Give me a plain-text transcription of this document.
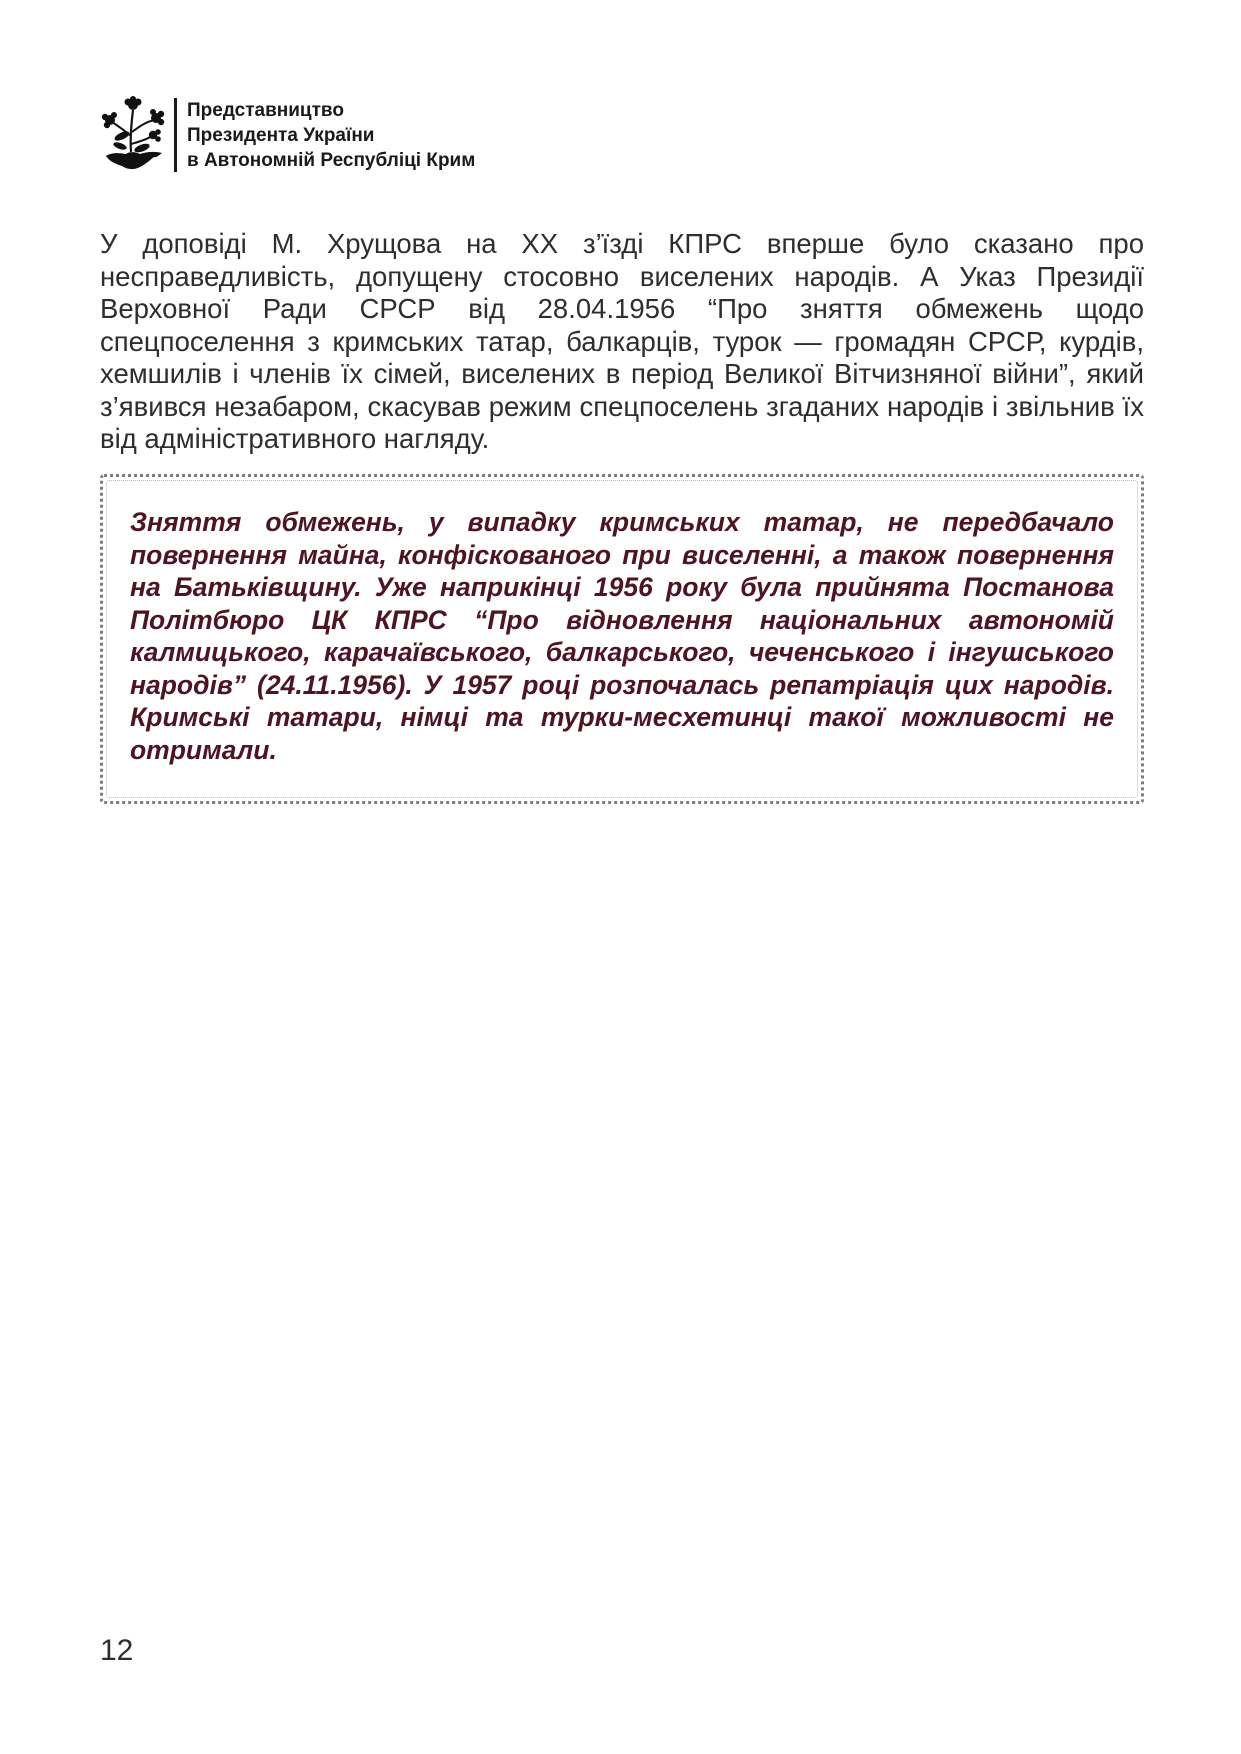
Представництво
Президента України
в Автономній Республіці Крим

У доповіді М. Хрущова на ХХ з’їзді КПРС вперше було сказано про несправедливість, допущену стосовно виселених народів. А Указ Президії Верховної Ради СРСР від 28.04.1956 “Про зняття обмежень щодо спецпоселення з кримських татар, балкарців, турок — громадян СРСР, курдів, хемшилів і членів їх сімей, виселених в період Великої Вітчизняної війни”, який з’явився незабаром, скасував режим спецпоселень згаданих народів і звільнив їх від адміністративного нагляду.

Зняття обмежень, у випадку кримських татар, не передбачало повернення майна, конфіскованого при виселенні, а також повернення на Батьківщину. Уже наприкінці 1956 року була прийнята Постанова Політбюро ЦК КПРС “Про відновлення національних автономій калмицького, карачаївського, балкарського, чеченського і інгушського народів” (24.11.1956). У 1957 році розпочалась репатріація цих народів. Кримські татари, німці та турки-месхетинці такої можливості не отримали.

12
